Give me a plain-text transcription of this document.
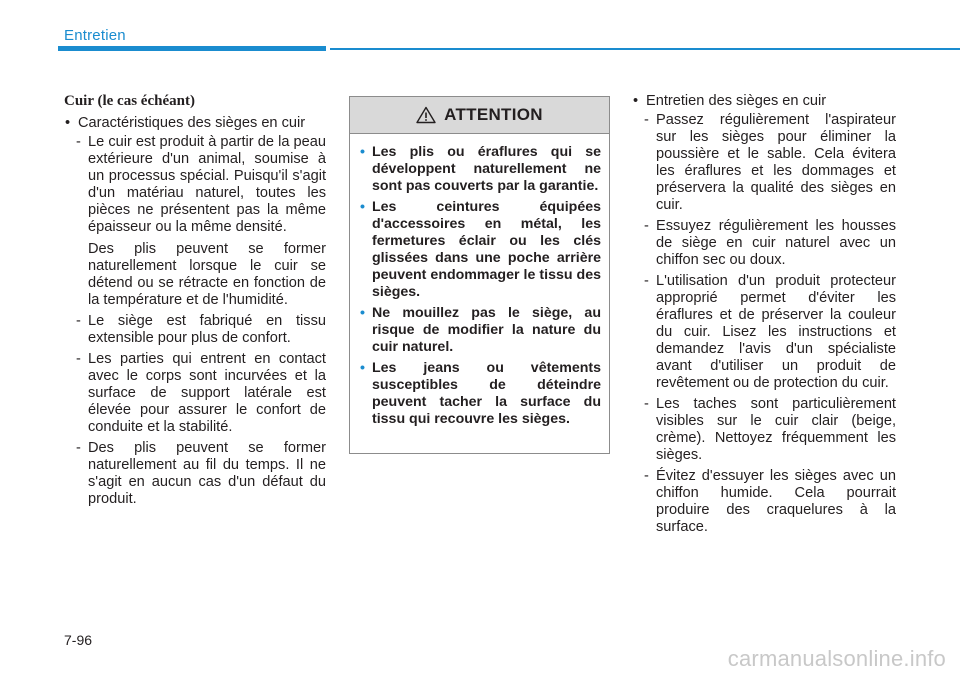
Entretien
Cuir (le cas échéant)
• Caractéristiques des sièges en cuir
- Le cuir est produit à partir de la peau extérieure d'un animal, soumise à un processus spécial. Puisqu'il s'agit d'un matériau naturel, toutes les pièces ne présentent pas la même épaisseur ou la même densité.
Des plis peuvent se former naturellement lorsque le cuir se détend ou se rétracte en fonction de la température et de l'humidité.
- Le siège est fabriqué en tissu extensible pour plus de confort.
- Les parties qui entrent en contact avec le corps sont incurvées et la surface de support latérale est élevée pour assurer le confort de conduite et la stabilité.
- Des plis peuvent se former naturellement au fil du temps. Il ne s'agit en aucun cas d'un défaut du produit.
ATTENTION
• Les plis ou éraflures qui se développent naturellement ne sont pas couverts par la garantie.
• Les ceintures équipées d'accessoires en métal, les fermetures éclair ou les clés glissées dans une poche arrière peuvent endommager le tissu des sièges.
• Ne mouillez pas le siège, au risque de modifier la nature du cuir naturel.
• Les jeans ou vêtements susceptibles de déteindre peuvent tacher la surface du tissu qui recouvre les sièges.
• Entretien des sièges en cuir
- Passez régulièrement l'aspirateur sur les sièges pour éliminer la poussière et le sable. Cela évitera les éraflures et les dommages et préservera la qualité des sièges en cuir.
- Essuyez régulièrement les housses de siège en cuir naturel avec un chiffon sec ou doux.
- L'utilisation d'un produit protecteur approprié permet d'éviter les éraflures et de préserver la couleur du cuir. Lisez les instructions et demandez l'avis d'un spécialiste avant d'utiliser un produit de revêtement ou de protection du cuir.
- Les taches sont particulièrement visibles sur le cuir clair (beige, crème). Nettoyez fréquemment les sièges.
- Évitez d'essuyer les sièges avec un chiffon humide. Cela pourrait produire des craquelures à la surface.
7-96
carmanualsonline.info
